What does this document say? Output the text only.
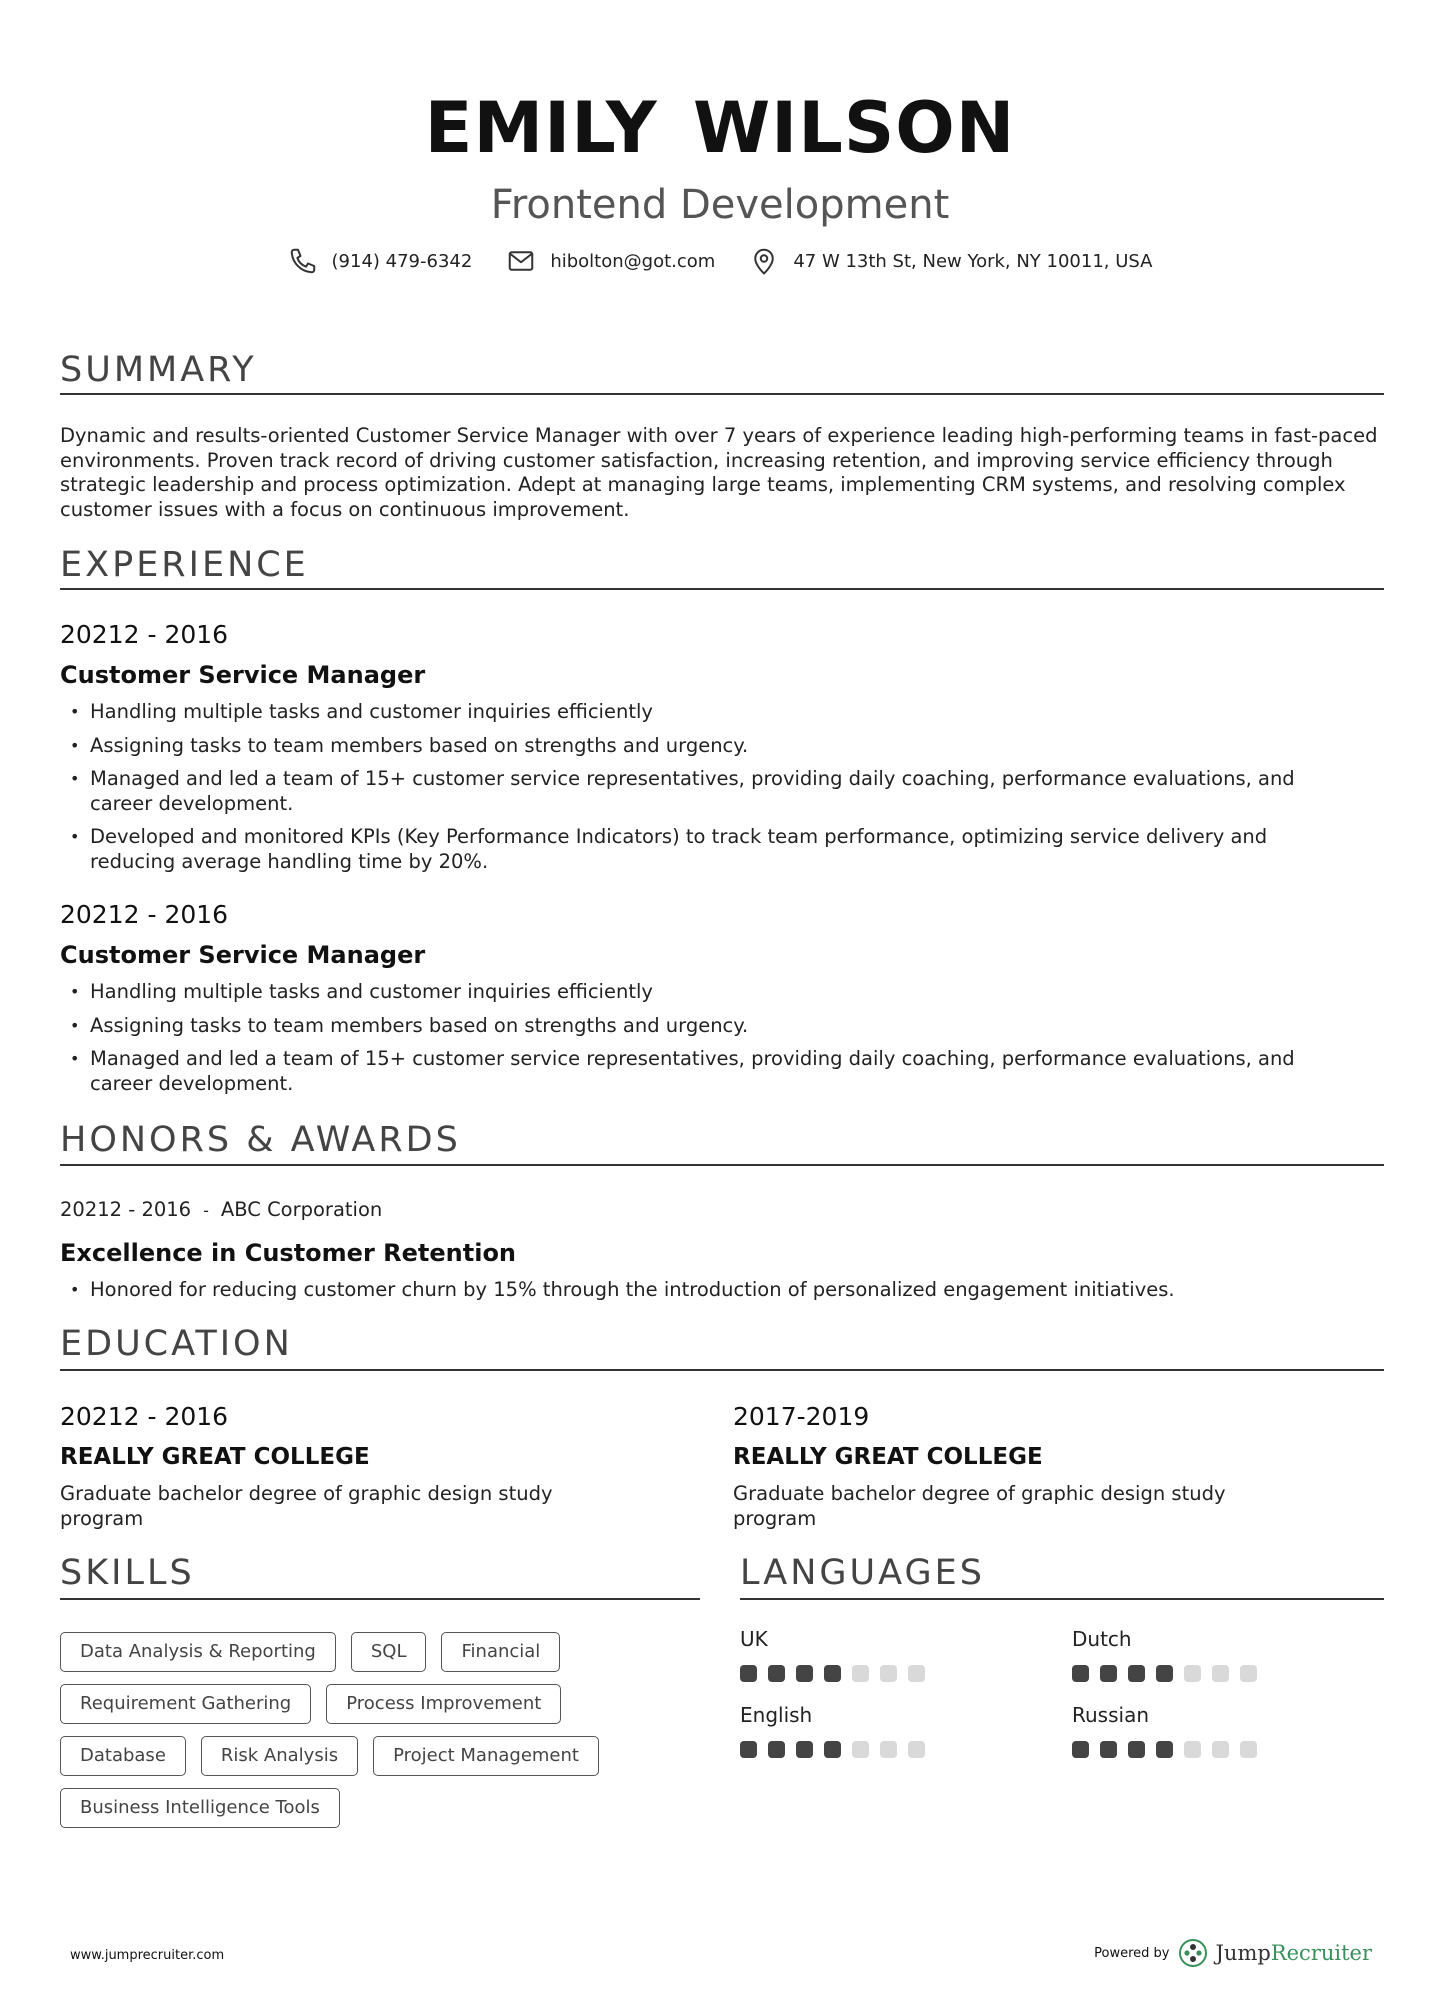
EMILY WILSON
Frontend Development
(914) 479-6342	hibolton@got.com	47 W 13th St, New York, NY 10011, USA
SUMMARY
Dynamic and results-oriented Customer Service Manager with over 7 years of experience leading high-performing teams in fast-paced environments. Proven track record of driving customer satisfaction, increasing retention, and improving service efficiency through strategic leadership and process optimization. Adept at managing large teams, implementing CRM systems, and resolving complex customer issues with a focus on continuous improvement.
EXPERIENCE
20212 - 2016
Customer Service Manager
• Handling multiple tasks and customer inquiries efficiently
• Assigning tasks to team members based on strengths and urgency.
• Managed and led a team of 15+ customer service representatives, providing daily coaching, performance evaluations, and career development.
• Developed and monitored KPIs (Key Performance Indicators) to track team performance, optimizing service delivery and reducing average handling time by 20%.
20212 - 2016
Customer Service Manager
• Handling multiple tasks and customer inquiries efficiently
• Assigning tasks to team members based on strengths and urgency.
• Managed and led a team of 15+ customer service representatives, providing daily coaching, performance evaluations, and career development.
HONORS & AWARDS
20212 - 2016 - ABC Corporation
Excellence in Customer Retention
• Honored for reducing customer churn by 15% through the introduction of personalized engagement initiatives.
EDUCATION
20212 - 2016
REALLY GREAT COLLEGE
Graduate bachelor degree of graphic design study program
2017-2019
REALLY GREAT COLLEGE
Graduate bachelor degree of graphic design study program
SKILLS
Data Analysis & Reporting	SQL	Financial
Requirement Gathering	Process Improvement
Database	Risk Analysis	Project Management
Business Intelligence Tools
LANGUAGES
UK	Dutch
English	Russian
www.jumprecruiter.com	Powered by JumpRecruiter
